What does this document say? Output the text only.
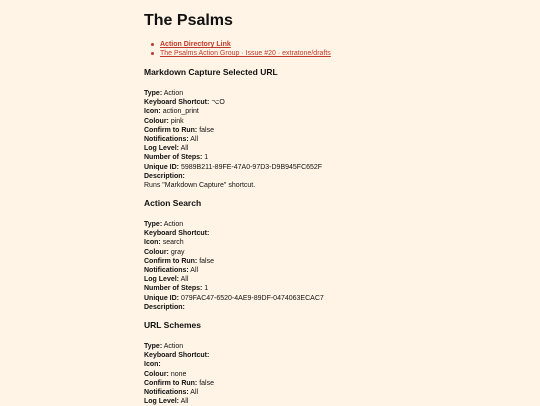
The Psalms
Action Directory Link
The Psalms Action Group · Issue #20 · extratone/drafts
Markdown Capture Selected URL
Type: Action
Keyboard Shortcut: ⌥O
Icon: action_print
Colour: pink
Confirm to Run: false
Notifications: All
Log Level: All
Number of Steps: 1
Unique ID: 5989B211-89FE-47A0-97D3-D9B945FC652F
Description:
Runs "Markdown Capture" shortcut.
Action Search
Type: Action
Keyboard Shortcut:
Icon: search
Colour: gray
Confirm to Run: false
Notifications: All
Log Level: All
Number of Steps: 1
Unique ID: 079FAC47-6520-4AE9-89DF-0474063ECAC7
Description:
URL Schemes
Type: Action
Keyboard Shortcut:
Icon:
Colour: none
Confirm to Run: false
Notifications: All
Log Level: All
